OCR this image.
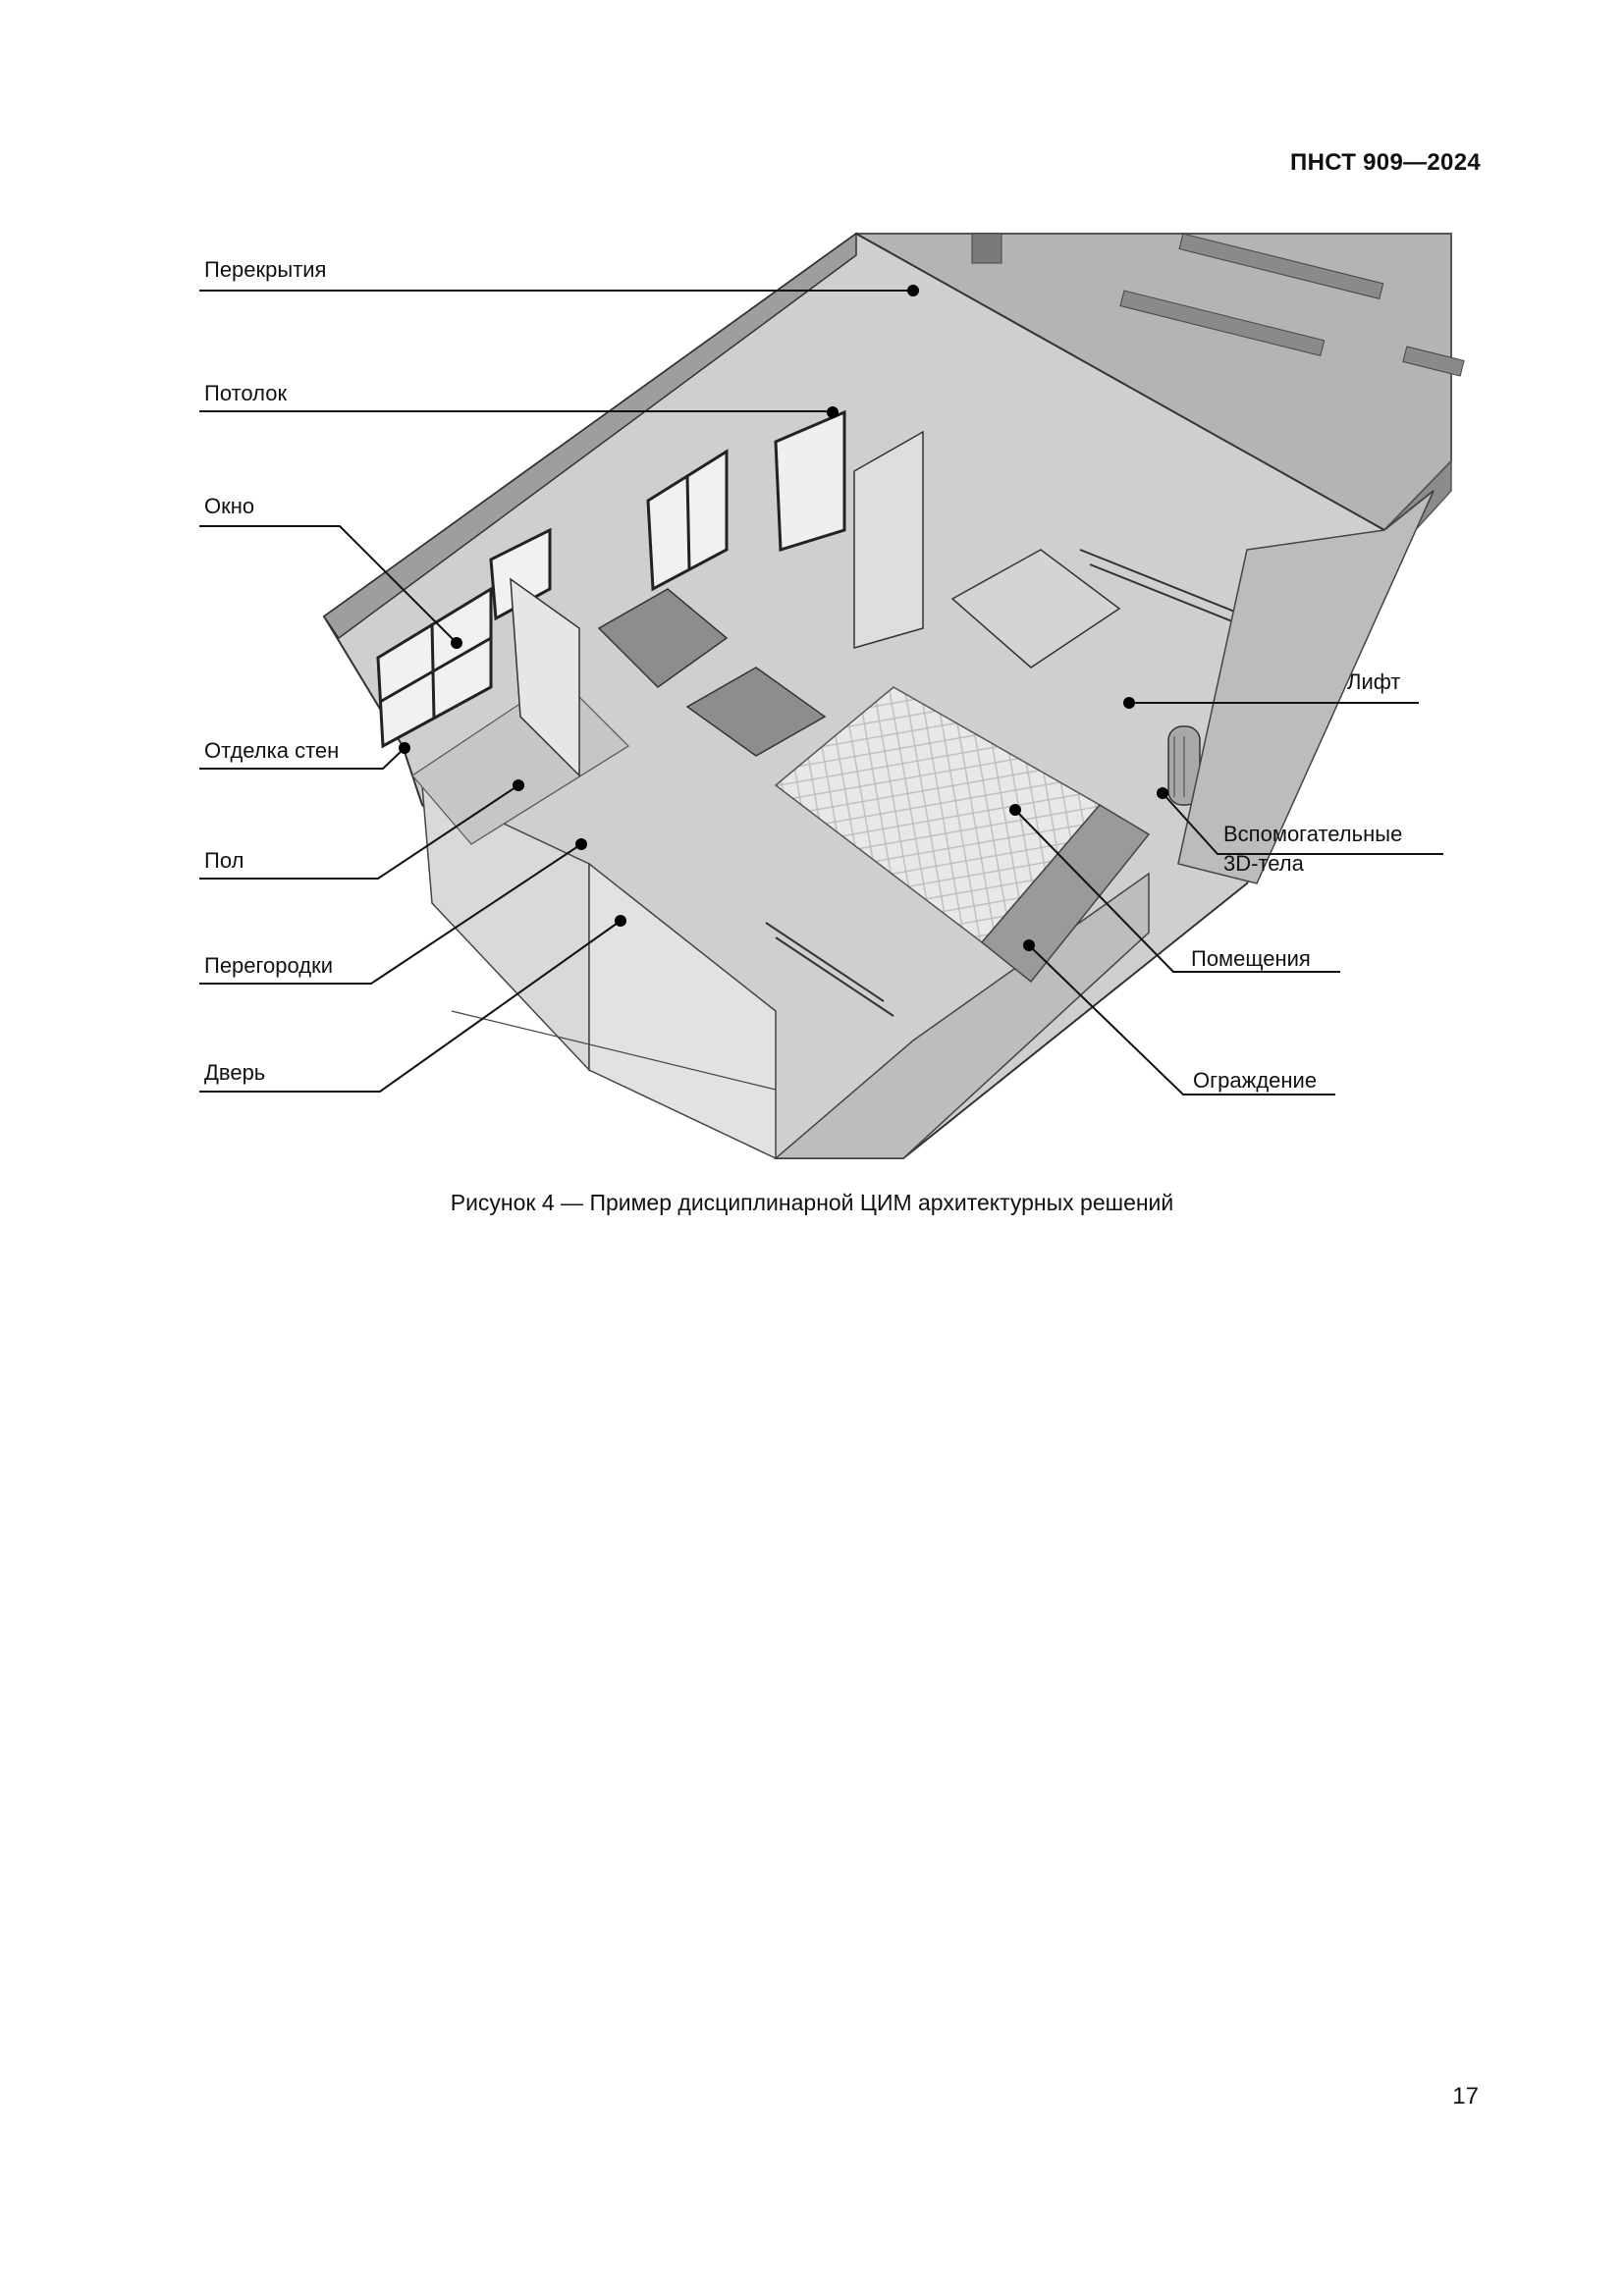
ПНСТ 909—2024
Перекрытия
Потолок
Окно
Отделка стен
Пол
Перегородки
Дверь
Лифт
Вспомогательные
3D-тела
Помещения
Ограждение
Рисунок 4 — Пример дисциплинарной ЦИМ архитектурных решений
17
